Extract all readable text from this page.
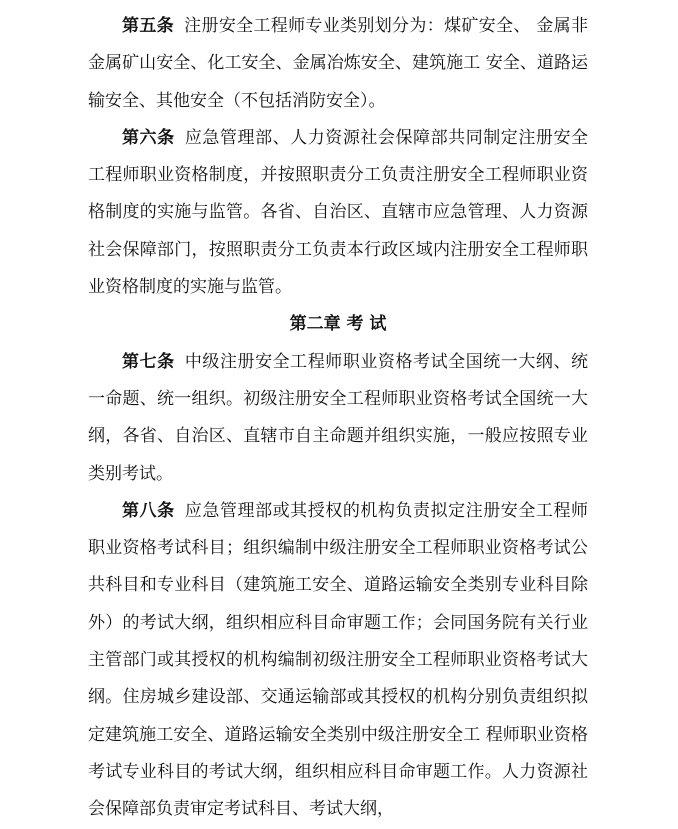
第五条 注册安全工程师专业类别划分为：煤矿安全、 金属非金属矿山安全、化工安全、金属冶炼安全、建筑施工 安全、道路运输安全、其他安全（不包括消防安全）。

第六条 应急管理部、人力资源社会保障部共同制定注册安全工程师职业资格制度，并按照职责分工负责注册安全工程师职业资格制度的实施与监管。各省、自治区、直辖市应急管理、人力资源社会保障部门，按照职责分工负责本行政区域内注册安全工程师职业资格制度的实施与监管。

第二章 考 试

第七条 中级注册安全工程师职业资格考试全国统一大纲、统一命题、统一组织。初级注册安全工程师职业资格考试全国统一大纲，各省、自治区、直辖市自主命题并组织实施，一般应按照专业类别考试。

第八条 应急管理部或其授权的机构负责拟定注册安全工程师职业资格考试科目；组织编制中级注册安全工程师职业资格考试公共科目和专业科目（建筑施工安全、道路运输安全类别专业科目除外）的考试大纲，组织相应科目命审题工作；会同国务院有关行业主管部门或其授权的机构编制初级注册安全工程师职业资格考试大纲。住房城乡建设部、交通运输部或其授权的机构分别负责组织拟定建筑施工安全、道路运输安全类别中级注册安全工 程师职业资格考试专业科目的考试大纲，组织相应科目命审题工作。人力资源社会保障部负责审定考试科目、考试大纲，
